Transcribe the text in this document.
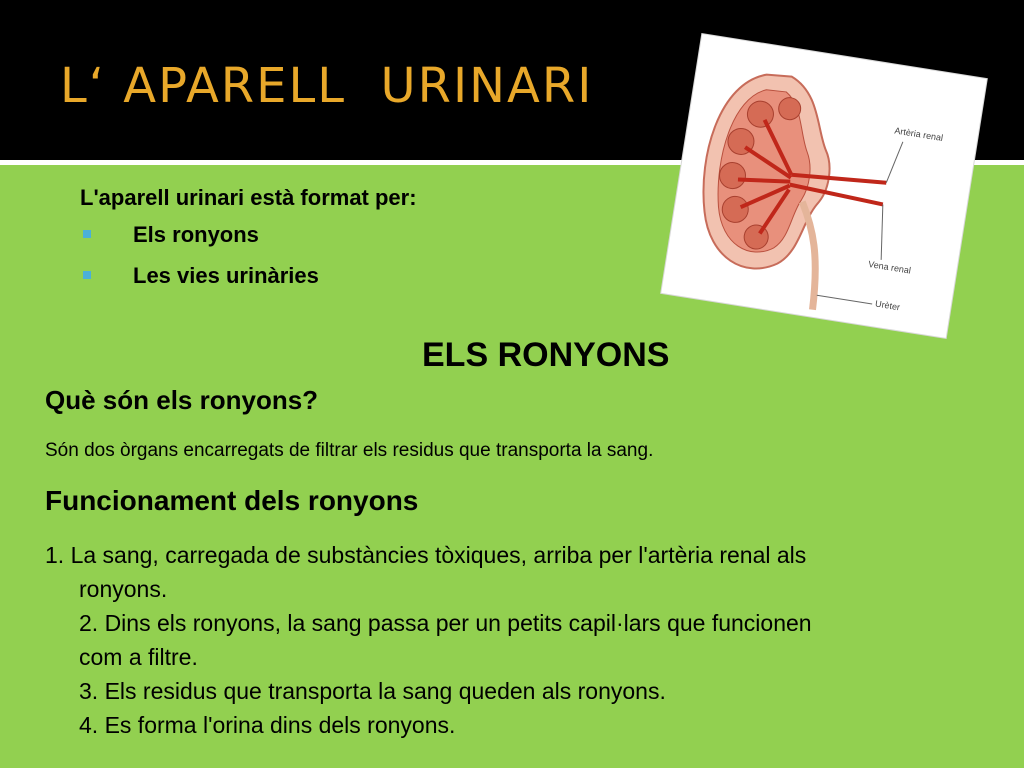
L‘ APARELL  URINARI
L'aparell urinari està format per:
Els ronyons
Les vies urinàries
Artèria renal
Vena renal
Urèter
ELS RONYONS
Què són els ronyons?
Són dos òrgans encarregats de filtrar els residus que transporta la sang.
Funcionament dels ronyons
1. La sang, carregada de substàncies tòxiques, arriba per l'artèria renal als
ronyons.
2. Dins els ronyons, la sang passa per un petits capil·lars que funcionen
com a filtre.
3. Els residus que transporta la sang queden als ronyons.
4. Es forma l'orina dins dels ronyons.
